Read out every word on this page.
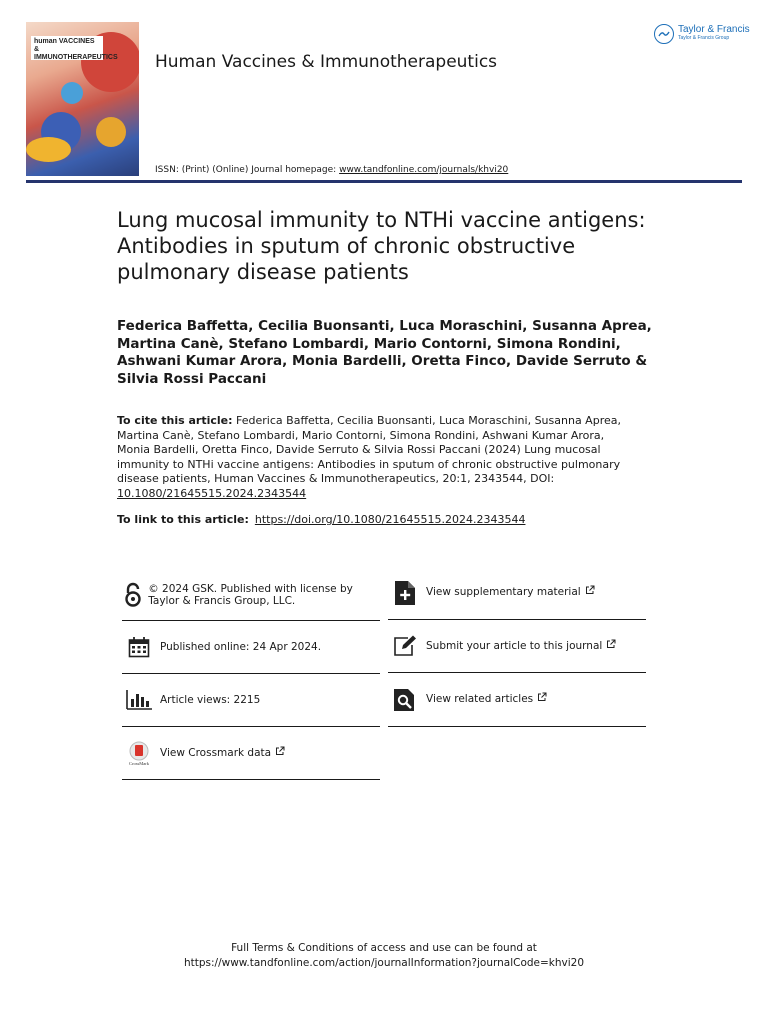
human VACCINES & IMMUNOTHERAPEUTICS Human Vaccines & Immunotherapeutics
ISSN: (Print) (Online) Journal homepage: www.tandfonline.com/journals/khvi20
Taylor & Francis
Taylor & Francis Group
Lung mucosal immunity to NTHi vaccine antigens: Antibodies in sputum of chronic obstructive pulmonary disease patients
Federica Baffetta, Cecilia Buonsanti, Luca Moraschini, Susanna Aprea, Martina Canè, Stefano Lombardi, Mario Contorni, Simona Rondini, Ashwani Kumar Arora, Monia Bardelli, Oretta Finco, Davide Serruto & Silvia Rossi Paccani
To cite this article: Federica Baffetta, Cecilia Buonsanti, Luca Moraschini, Susanna Aprea, Martina Canè, Stefano Lombardi, Mario Contorni, Simona Rondini, Ashwani Kumar Arora, Monia Bardelli, Oretta Finco, Davide Serruto & Silvia Rossi Paccani (2024) Lung mucosal immunity to NTHi vaccine antigens: Antibodies in sputum of chronic obstructive pulmonary disease patients, Human Vaccines & Immunotherapeutics, 20:1, 2343544, DOI: 10.1080/21645515.2024.2343544
To link to this article: https://doi.org/10.1080/21645515.2024.2343544
© 2024 GSK. Published with license by Taylor & Francis Group, LLC.
Published online: 24 Apr 2024.
Article views: 2215
CrossMark
View Crossmark data
View supplementary material
Submit your article to this journal
View related articles
Full Terms & Conditions of access and use can be found at
https://www.tandfonline.com/action/journalInformation?journalCode=khvi20
